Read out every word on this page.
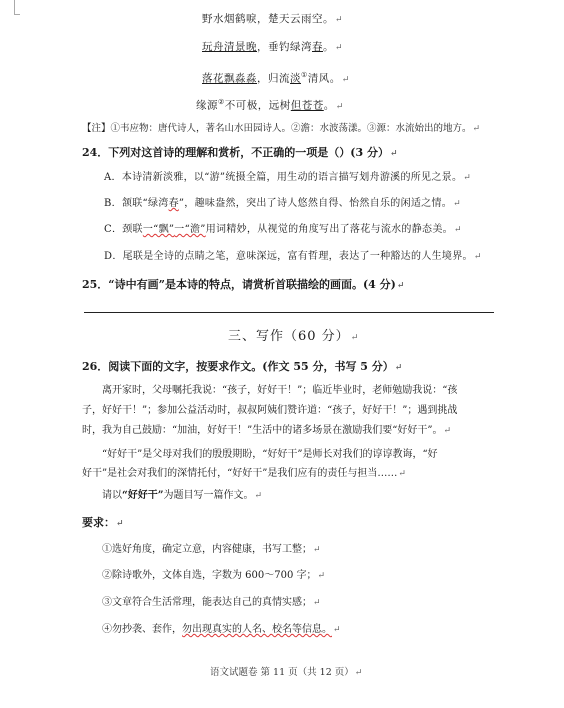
野水烟鹤唳，楚天云雨空。↵
玩舟清景晚，垂钓绿湾春。↵
落花飘淼淼，归流淡①清风。↵
缘源②不可极，远树但苍苍。↵
【注】①韦应物：唐代诗人，著名山水田园诗人。②澹：水波荡漾。③源：水流始出的地方。↵
24．下列对这首诗的理解和赏析，不正确的一项是（）(3 分）↵
A．本诗清新淡雅，以“游”统摄全篇，用生动的语言描写划舟游溪的所见之景。↵
B．颔联“绿湾春”，趣味盎然，突出了诗人悠然自得、怡然自乐的闲适之情。↵
C．颈联一“飘”一“澹”用词精妙，从视觉的角度写出了落花与流水的静态美。↵
D．尾联是全诗的点睛之笔，意味深远，富有哲理，表达了一种豁达的人生境界。↵
25．“诗中有画”是本诗的特点，请赏析首联描绘的画面。(4 分)↵
三、写作（60 分）↵
26．阅读下面的文字，按要求作文。(作文 55 分，书写 5 分）↵
离开家时，父母嘱托我说：“孩子，好好干！”；临近毕业时，老师勉励我说：“孩
子，好好干！”；参加公益活动时，叔叔阿姨们赞许道：“孩子，好好干！”；遇到挑战
时，我为自己鼓励：“加油，好好干！”生活中的诸多场景在激励我们要“好好干”。↵
“好好干”是父母对我们的殷殷期盼，“好好干”是师长对我们的谆谆教诲，“好
好干”是社会对我们的深情托付，“好好干”是我们应有的责任与担当……↵
请以“好好干”为题目写一篇作文。↵
要求：↵
①选好角度，确定立意，内容健康，书写工整；↵
②除诗歌外，文体自选，字数为 600～700 字；↵
③文章符合生活常理，能表达自己的真情实感；↵
④勿抄袭、套作，勿出现真实的人名、校名等信息。↵
语文试题卷 第 11 页（共 12 页）↵
